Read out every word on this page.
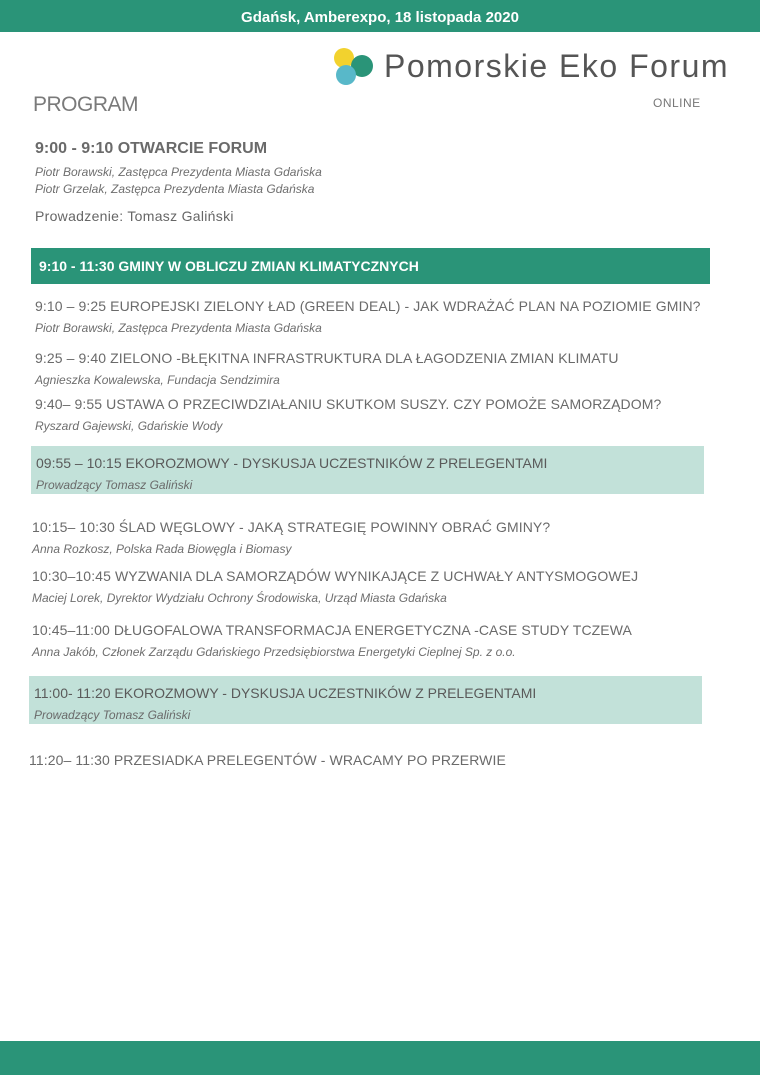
Gdańsk, Amberexpo, 18 listopada 2020
Pomorskie Eko Forum
ONLINE
PROGRAM
9:00 - 9:10 OTWARCIE FORUM
Piotr Borawski, Zastępca Prezydenta Miasta Gdańska
Piotr Grzelak, Zastępca Prezydenta Miasta Gdańska
Prowadzenie: Tomasz Galiński
9:10 - 11:30 GMINY W OBLICZU ZMIAN KLIMATYCZNYCH
9:10 – 9:25 EUROPEJSKI ZIELONY ŁAD (GREEN DEAL) - JAK WDRAŻAĆ PLAN NA POZIOMIE GMIN?
Piotr Borawski, Zastępca Prezydenta Miasta Gdańska
9:25 – 9:40 ZIELONO -BŁĘKITNA INFRASTRUKTURA DLA ŁAGODZENIA ZMIAN KLIMATU
Agnieszka Kowalewska, Fundacja Sendzimira
9:40– 9:55 USTAWA O PRZECIWDZIAŁANIU SKUTKOM SUSZY. CZY POMOŻE SAMORZĄDOM?
Ryszard Gajewski, Gdańskie Wody
09:55 – 10:15 EKOROZMOWY - DYSKUSJA UCZESTNIKÓW Z PRELEGENTAMI
Prowadzący Tomasz Galiński
10:15– 10:30 ŚLAD WĘGLOWY - JAKĄ STRATEGIĘ POWINNY OBRAĆ GMINY?
Anna Rozkosz, Polska Rada Biowęgla i Biomasy
10:30–10:45 WYZWANIA DLA SAMORZĄDÓW WYNIKAJĄCE Z UCHWAŁY ANTYSMOGOWEJ
Maciej Lorek, Dyrektor Wydziału Ochrony Środowiska, Urząd Miasta Gdańska
10:45–11:00 DŁUGOFALOWA TRANSFORMACJA ENERGETYCZNA -CASE STUDY TCZEWA
Anna Jakób, Członek Zarządu Gdańskiego Przedsiębiorstwa Energetyki Cieplnej Sp. z o.o.
11:00- 11:20 EKOROZMOWY - DYSKUSJA UCZESTNIKÓW Z PRELEGENTAMI
Prowadzący Tomasz Galiński
11:20– 11:30 PRZESIADKA PRELEGENTÓW - WRACAMY PO PRZERWIE
